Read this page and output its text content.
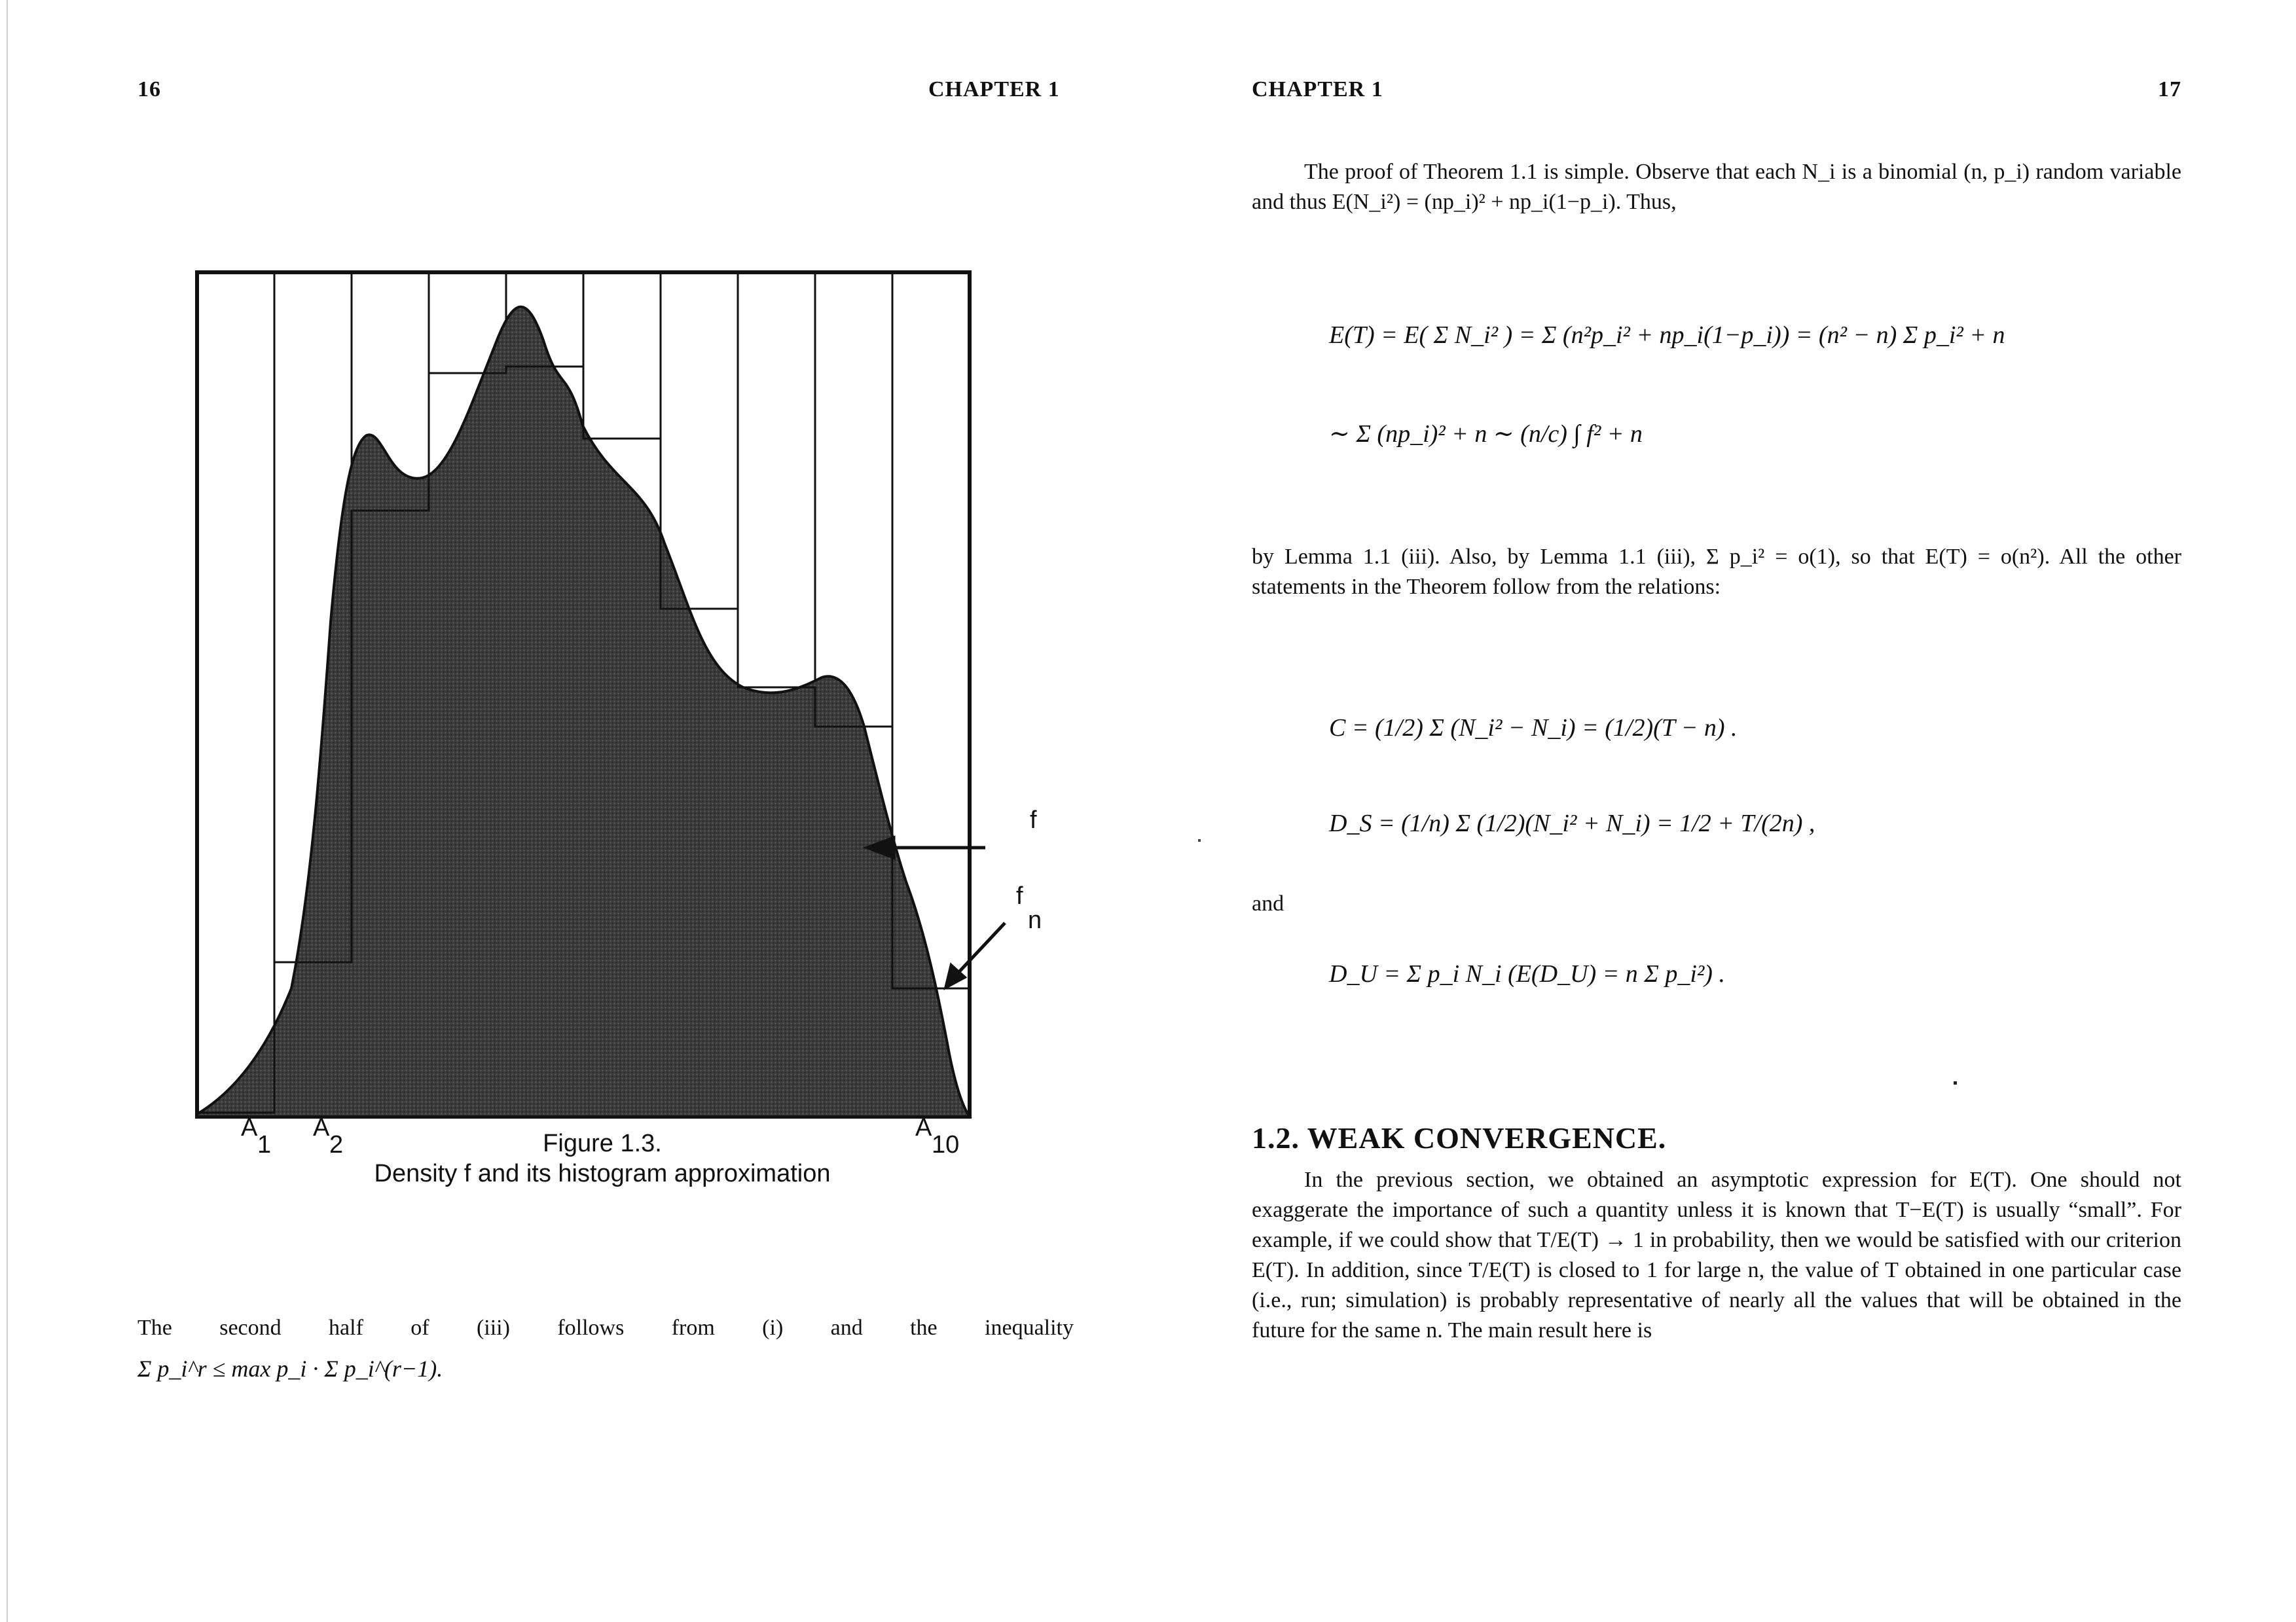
16	CHAPTER 1
f
f
n
A
1
A
2
A
10
Figure 1.3.
Density f and its histogram approximation
The second half of (iii) follows from (i) and the inequality
Σ p_i^r ≤ max p_i · Σ p_i^(r−1).
CHAPTER 1	17
The proof of Theorem 1.1 is simple. Observe that each N_i is a binomial (n, p_i) random variable and thus E(N_i²) = (np_i)² + np_i(1−p_i). Thus,
E(T) = E( Σ N_i² ) = Σ (n²p_i² + np_i(1−p_i)) = (n² − n) Σ p_i² + n
∼ Σ (np_i)² + n ∼ (n/c) ∫ f² + n
by Lemma 1.1 (iii). Also, by Lemma 1.1 (iii), Σ p_i² = o(1), so that E(T) = o(n²). All the other statements in the Theorem follow from the relations:
C = (1/2) Σ (N_i² − N_i) = (1/2)(T − n) .
D_S = (1/n) Σ (1/2)(N_i² + N_i) = 1/2 + T/(2n) ,
and
D_U = Σ p_i N_i (E(D_U) = n Σ p_i²) .
1.2. WEAK CONVERGENCE.
In the previous section, we obtained an asymptotic expression for E(T). One should not exaggerate the importance of such a quantity unless it is known that T−E(T) is usually “small”. For example, if we could show that T/E(T) → 1 in probability, then we would be satisfied with our criterion E(T). In addition, since T/E(T) is closed to 1 for large n, the value of T obtained in one particular case (i.e., run; simulation) is probably representative of nearly all the values that will be obtained in the future for the same n. The main result here is
